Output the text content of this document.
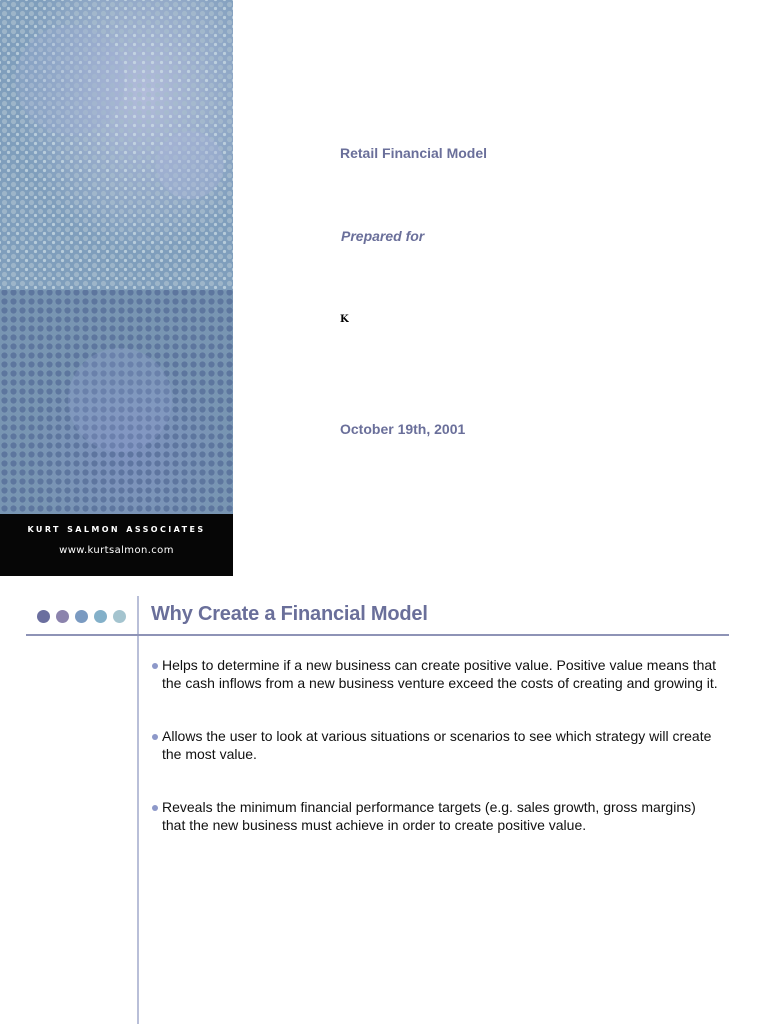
kurt salmon associates
www.kurtsalmon.com
Retail Financial Model
Prepared for
K
October 19th, 2001
Why Create a Financial Model
Helps to determine if a new business can create positive value. Positive value means that the cash inflows from a new business venture exceed the costs of creating and growing it.
Allows the user to look at various situations or scenarios to see which strategy will create the most value.
Reveals the minimum financial performance targets (e.g. sales growth, gross margins) that the new business must achieve in order to create positive value.
